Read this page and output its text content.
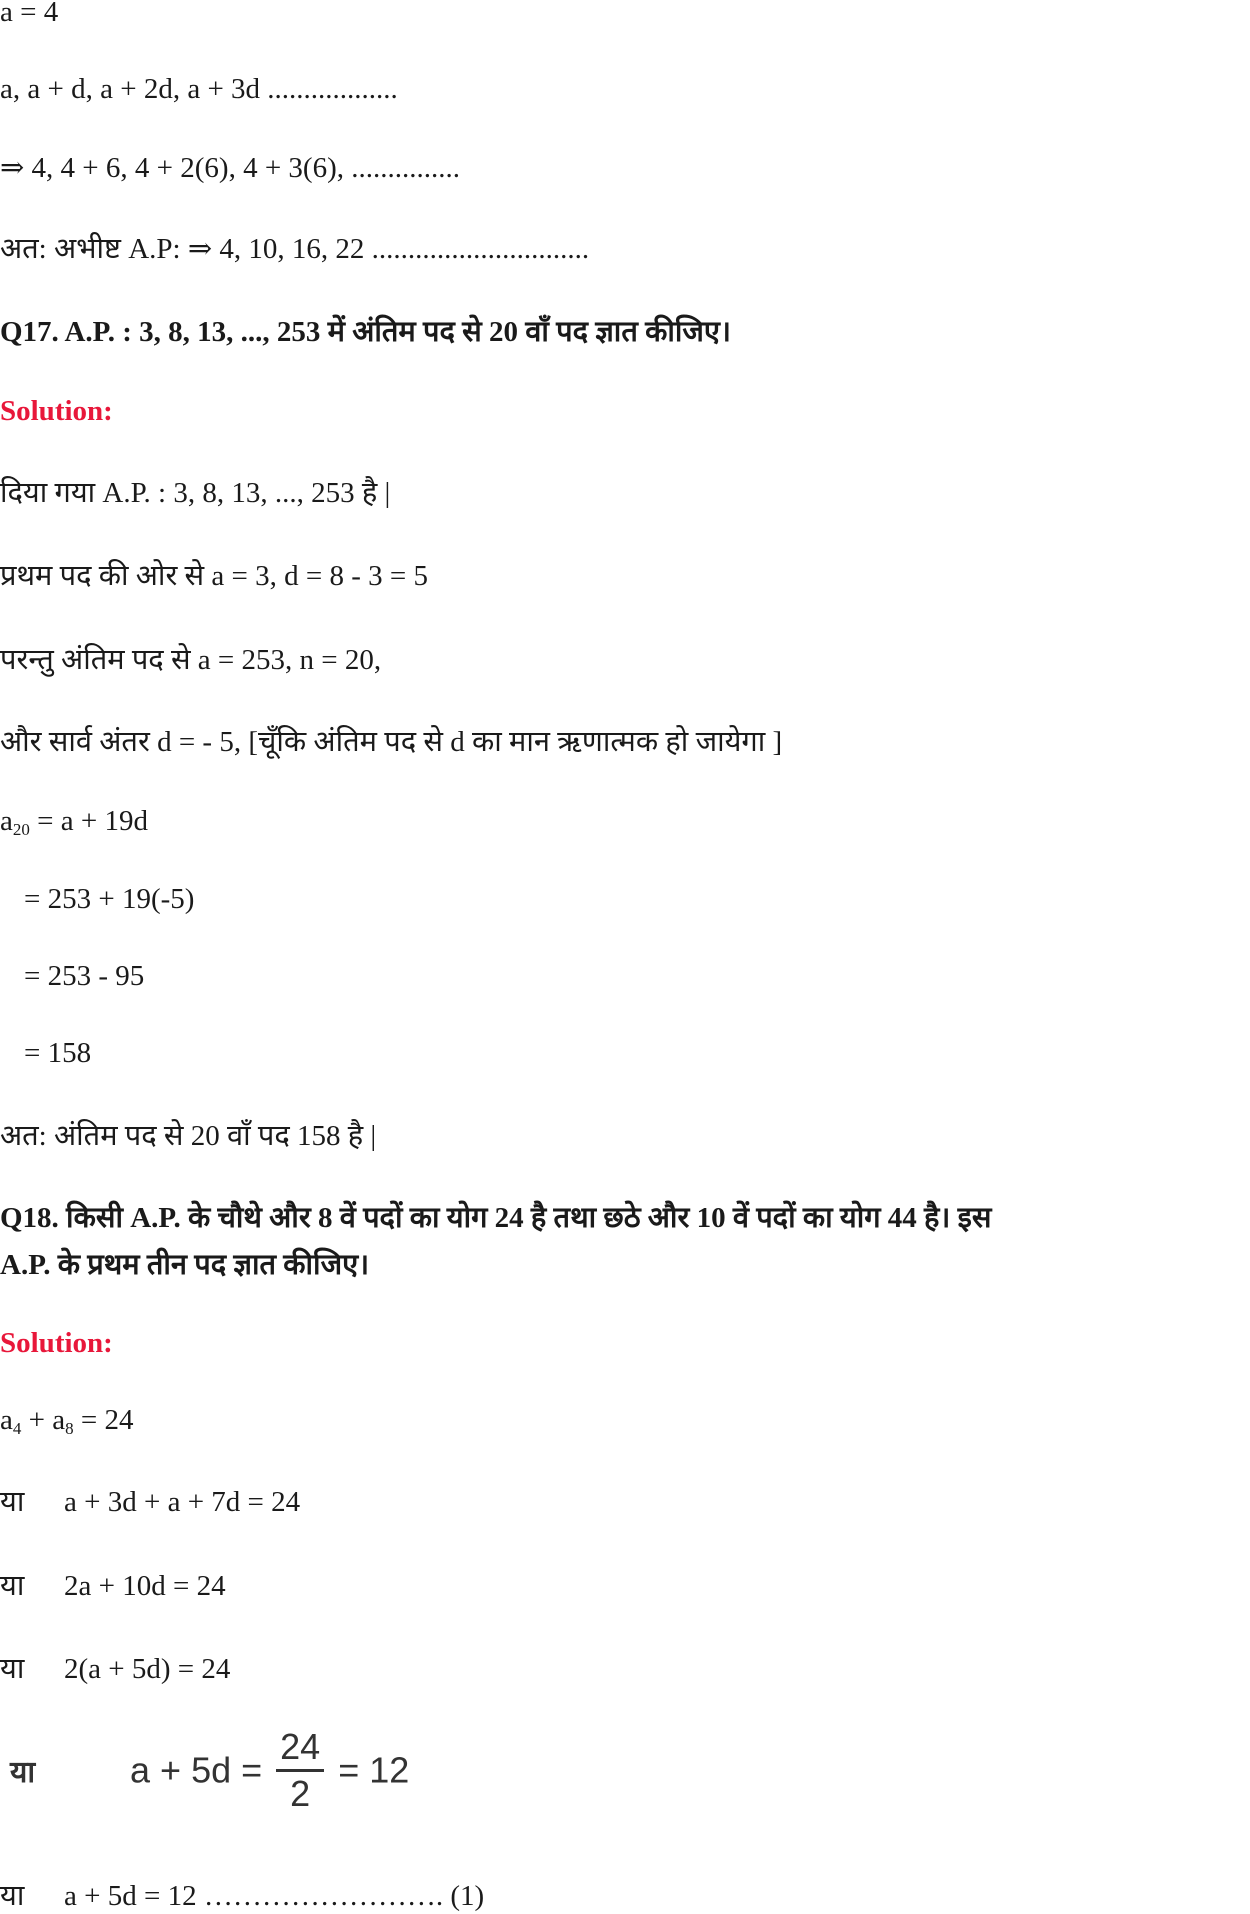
a = 4
a, a + d, a + 2d, a + 3d ..................
⇒ 4, 4 + 6, 4 + 2(6), 4 + 3(6), ...............
अत: अभीष्ट A.P: ⇒ 4, 10, 16, 22 ..............................
Q17. A.P. : 3, 8, 13, ..., 253 में अंतिम पद से 20 वाँ पद ज्ञात कीजिए।
Solution:
दिया गया A.P. : 3, 8, 13, ..., 253 है |
प्रथम पद की ओर से a = 3, d = 8 - 3 = 5
परन्तु अंतिम पद से a = 253, n = 20,
और सार्व अंतर d = - 5, [चूँकि अंतिम पद से d का मान ऋणात्मक हो जायेगा ]
$a_{20} = a + 19d$
= 253 + 19(-5)
= 253 - 95
= 158
अत: अंतिम पद से 20 वाँ पद 158 है |
Q18. किसी A.P. के चौथे और 8 वें पदों का योग 24 है तथा छठे और 10 वें पदों का योग 44 है। इस
A.P. के प्रथम तीन पद ज्ञात कीजिए।
Solution:
$a_4 + a_8 = 24$
या a + 3d + a + 7d = 24
या 2a + 10d = 24
या 2(a + 5d) = 24
या	$a + 5d = \frac{24}{2} = 12$
या a + 5d = 12 ……………………. (1)
